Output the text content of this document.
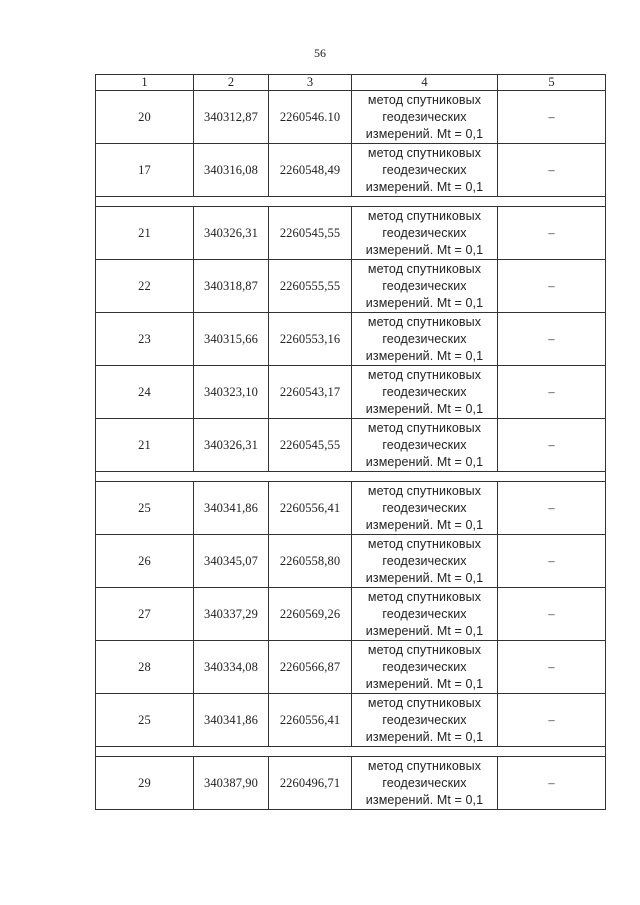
56
1	2	3	4	5
20	340312,87	2260546.10	метод спутниковых
геодезических
измерений. Mt = 0,1	–
17	340316,08	2260548,49	метод спутниковых
геодезических
измерений. Mt = 0,1	–

21	340326,31	2260545,55	метод спутниковых
геодезических
измерений. Mt = 0,1	–
22	340318,87	2260555,55	метод спутниковых
геодезических
измерений. Mt = 0,1	–
23	340315,66	2260553,16	метод спутниковых
геодезических
измерений. Mt = 0,1	–
24	340323,10	2260543,17	метод спутниковых
геодезических
измерений. Mt = 0,1	–
21	340326,31	2260545,55	метод спутниковых
геодезических
измерений. Mt = 0,1	–

25	340341,86	2260556,41	метод спутниковых
геодезических
измерений. Mt = 0,1	–
26	340345,07	2260558,80	метод спутниковых
геодезических
измерений. Mt = 0,1	–
27	340337,29	2260569,26	метод спутниковых
геодезических
измерений. Mt = 0,1	–
28	340334,08	2260566,87	метод спутниковых
геодезических
измерений. Mt = 0,1	–
25	340341,86	2260556,41	метод спутниковых
геодезических
измерений. Mt = 0,1	–

29	340387,90	2260496,71	метод спутниковых
геодезических
измерений. Mt = 0,1	–
